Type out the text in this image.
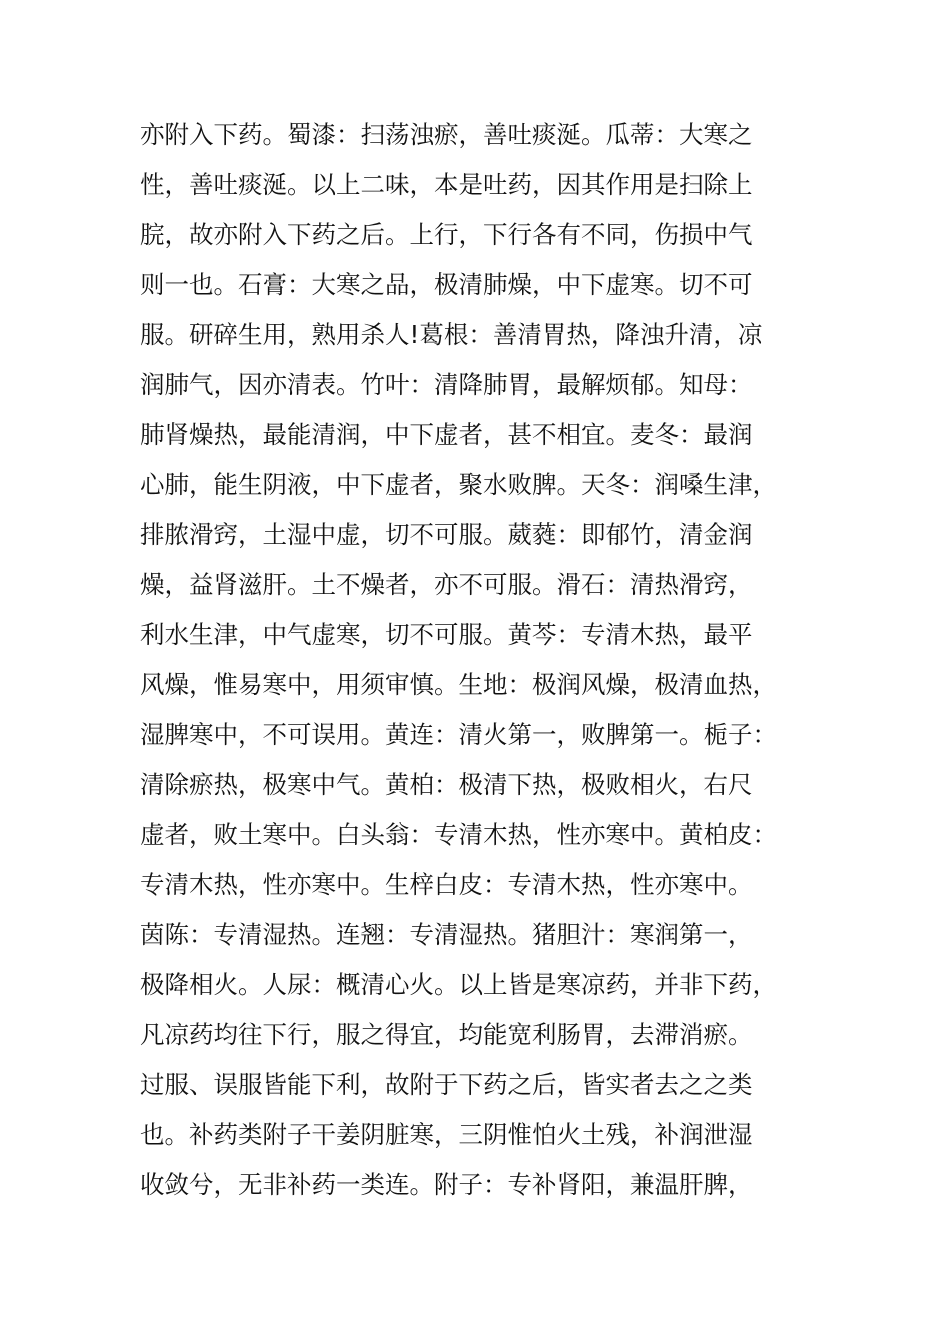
亦附入下药。蜀漆：扫荡浊瘀，善吐痰涎。瓜蒂：大寒之
性，善吐痰涎。以上二味，本是吐药，因其作用是扫除上
脘，故亦附入下药之后。上行，下行各有不同，伤损中气
则一也。石膏：大寒之品，极清肺燥，中下虚寒。切不可
服。研碎生用，熟用杀人!葛根：善清胃热，降浊升清，凉
润肺气，因亦清表。竹叶：清降肺胃，最解烦郁。知母：
肺肾燥热，最能清润，中下虚者，甚不相宜。麦冬：最润
心肺，能生阴液，中下虚者，聚水败脾。天冬：润嗓生津，
排脓滑窍，土湿中虚，切不可服。葳蕤：即郁竹，清金润
燥，益肾滋肝。土不燥者，亦不可服。滑石：清热滑窍，
利水生津，中气虚寒，切不可服。黄芩：专清木热，最平
风燥，惟易寒中，用须审慎。生地：极润风燥，极清血热，
湿脾寒中，不可误用。黄连：清火第一，败脾第一。栀子：
清除瘀热，极寒中气。黄柏：极清下热，极败相火，右尺
虚者，败土寒中。白头翁：专清木热，性亦寒中。黄柏皮：
专清木热，性亦寒中。生梓白皮：专清木热，性亦寒中。
茵陈：专清湿热。连翘：专清湿热。猪胆汁：寒润第一，
极降相火。人尿：概清心火。以上皆是寒凉药，并非下药，
凡凉药均往下行，服之得宜，均能宽利肠胃，去滞消瘀。
过服、误服皆能下利，故附于下药之后，皆实者去之之类
也。补药类附子干姜阴脏寒，三阴惟怕火土残，补润泄湿
收敛兮，无非补药一类连。附子：专补肾阳，兼温肝脾，
